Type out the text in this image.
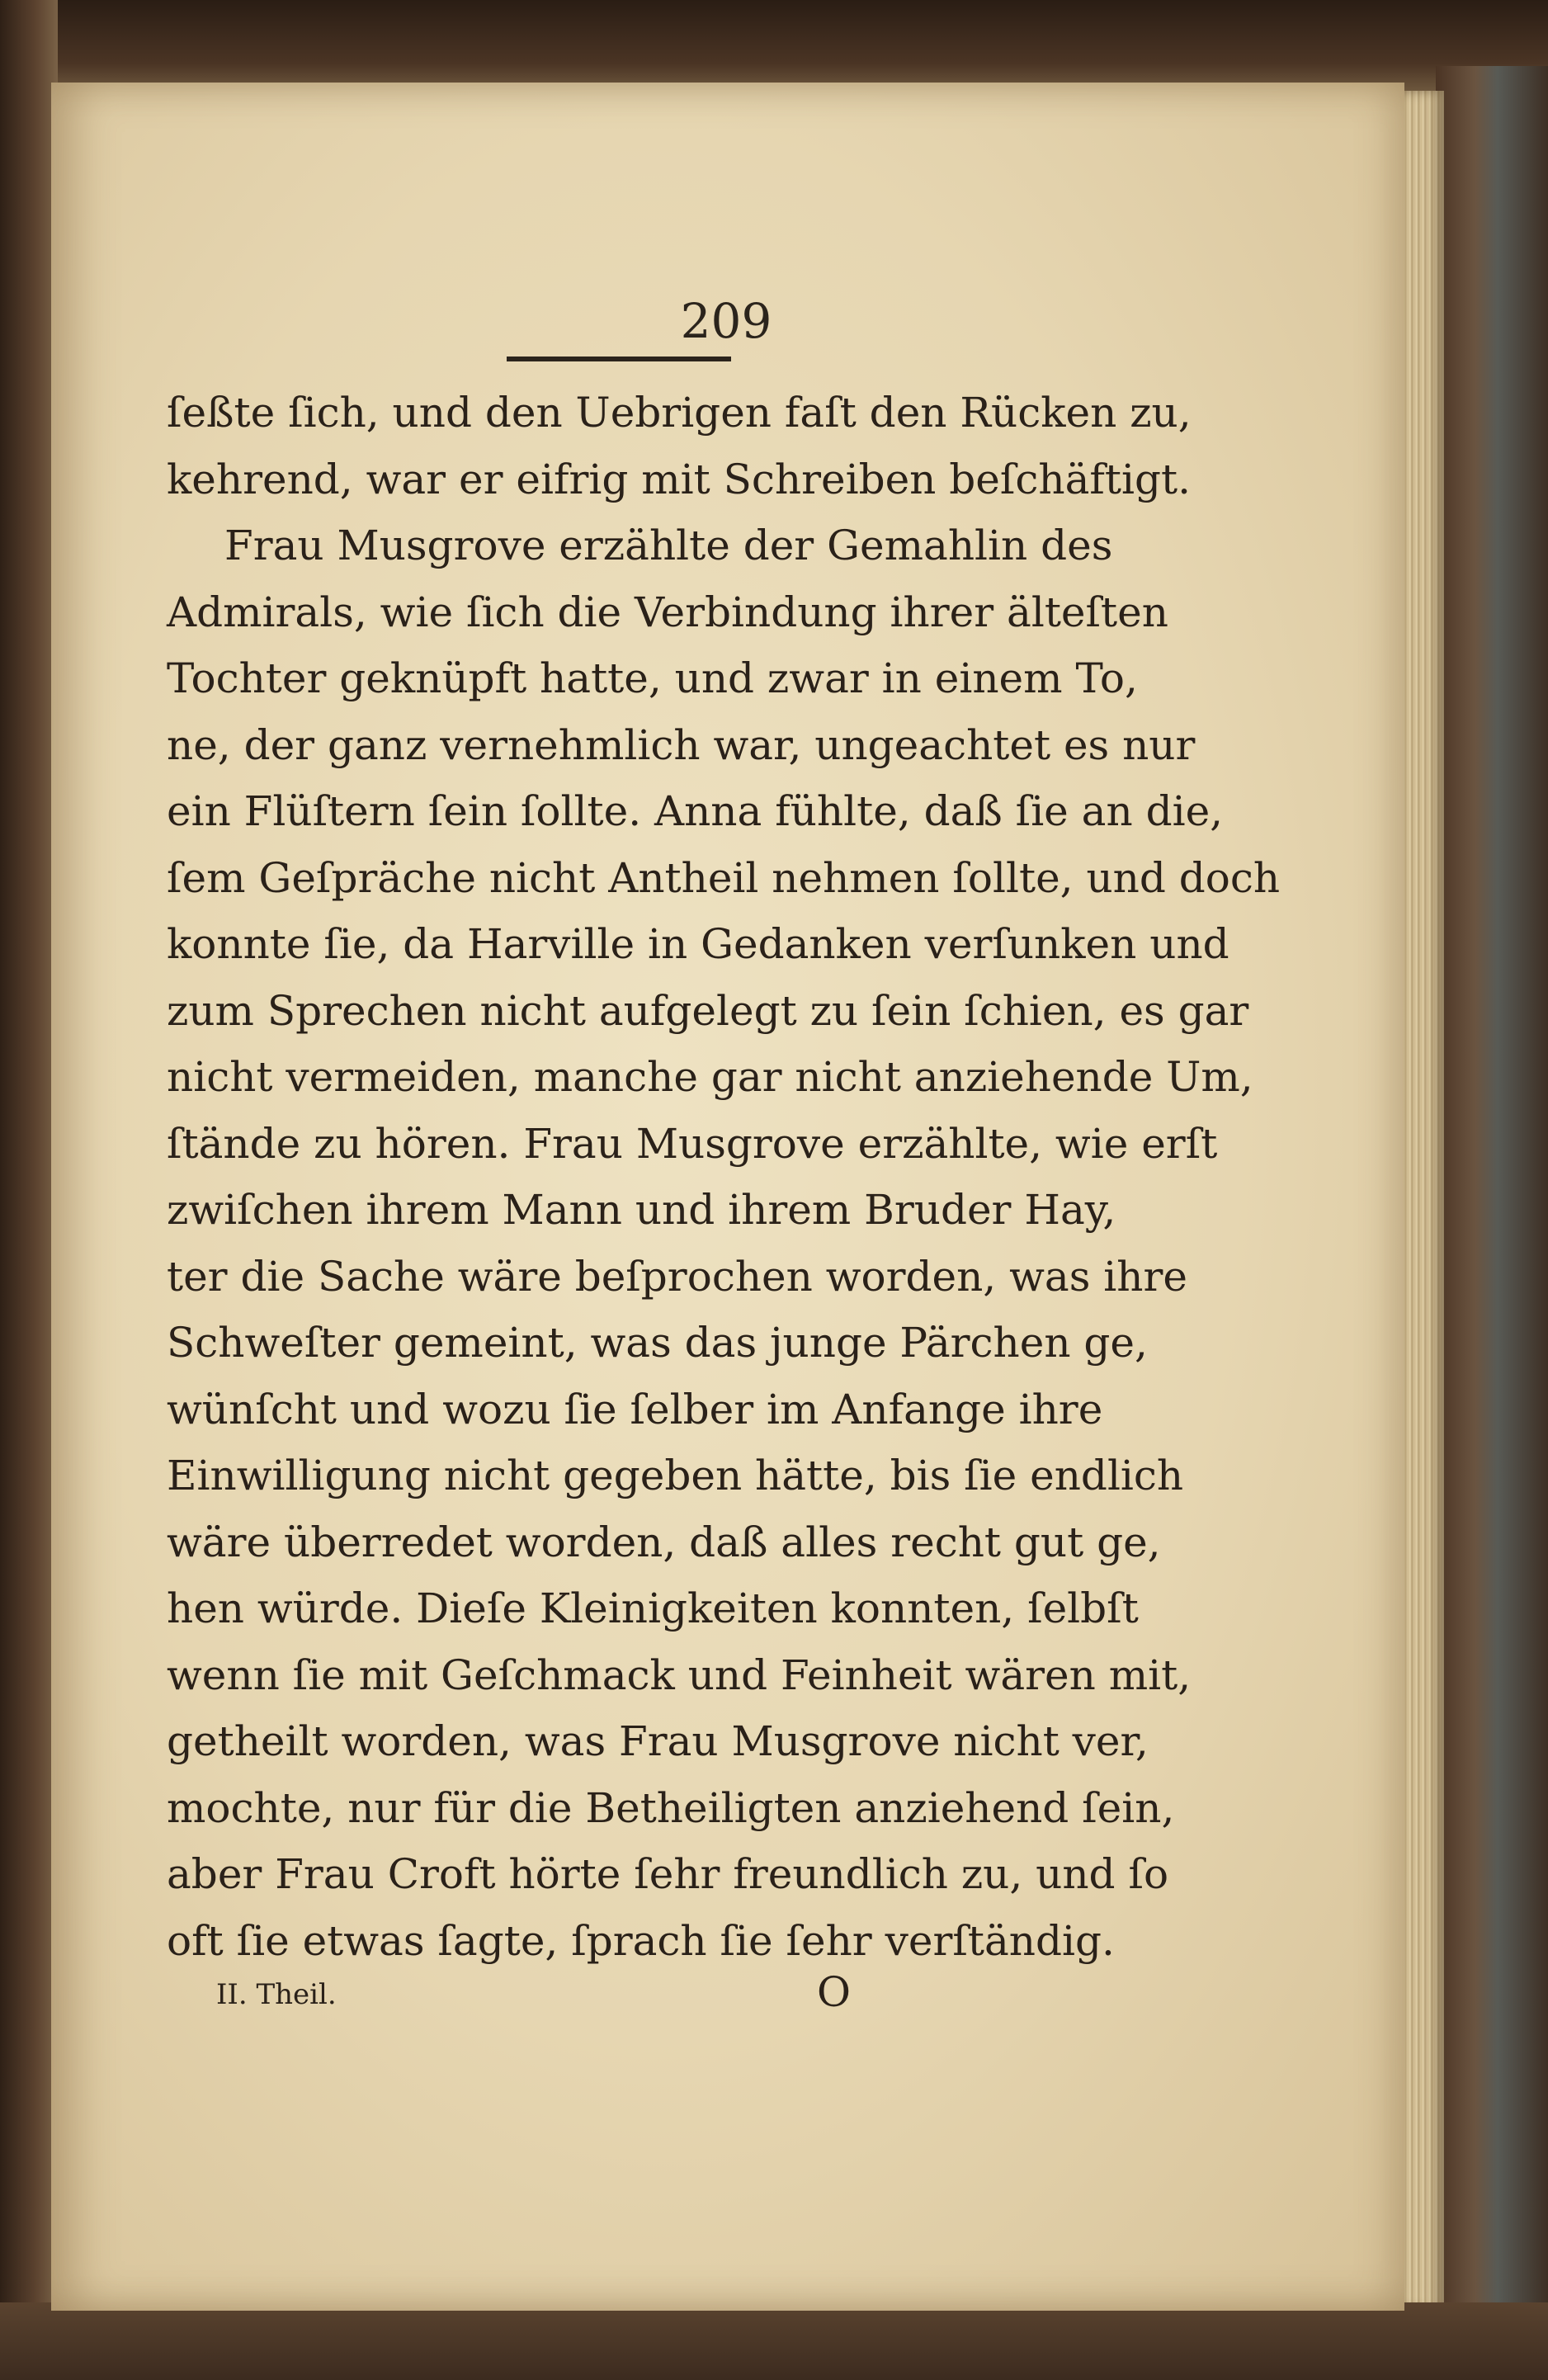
209
ſeßte ſich, und den Uebrigen faſt den Rücken zu,
kehrend, war er eifrig mit Schreiben beſchäftigt.
Frau Musgrove erzählte der Gemahlin des
Admirals, wie ſich die Verbindung ihrer älteſten
Tochter geknüpft hatte, und zwar in einem To,
ne, der ganz vernehmlich war, ungeachtet es nur
ein Flüſtern ſein ſollte. Anna fühlte, daß ſie an die,
ſem Geſpräche nicht Antheil nehmen ſollte, und doch
konnte ſie, da Harville in Gedanken verſunken und
zum Sprechen nicht aufgelegt zu ſein ſchien, es gar
nicht vermeiden, manche gar nicht anziehende Um,
ſtände zu hören. Frau Musgrove erzählte, wie erſt
zwiſchen ihrem Mann und ihrem Bruder Hay,
ter die Sache wäre beſprochen worden, was ihre
Schweſter gemeint, was das junge Pärchen ge,
wünſcht und wozu ſie ſelber im Anfange ihre
Einwilligung nicht gegeben hätte, bis ſie endlich
wäre überredet worden, daß alles recht gut ge,
hen würde. Dieſe Kleinigkeiten konnten, ſelbſt
wenn ſie mit Geſchmack und Feinheit wären mit,
getheilt worden, was Frau Musgrove nicht ver,
mochte, nur für die Betheiligten anziehend ſein,
aber Frau Croft hörte ſehr freundlich zu, und ſo
oft ſie etwas ſagte, ſprach ſie ſehr verſtändig.
II. Theil.	O
